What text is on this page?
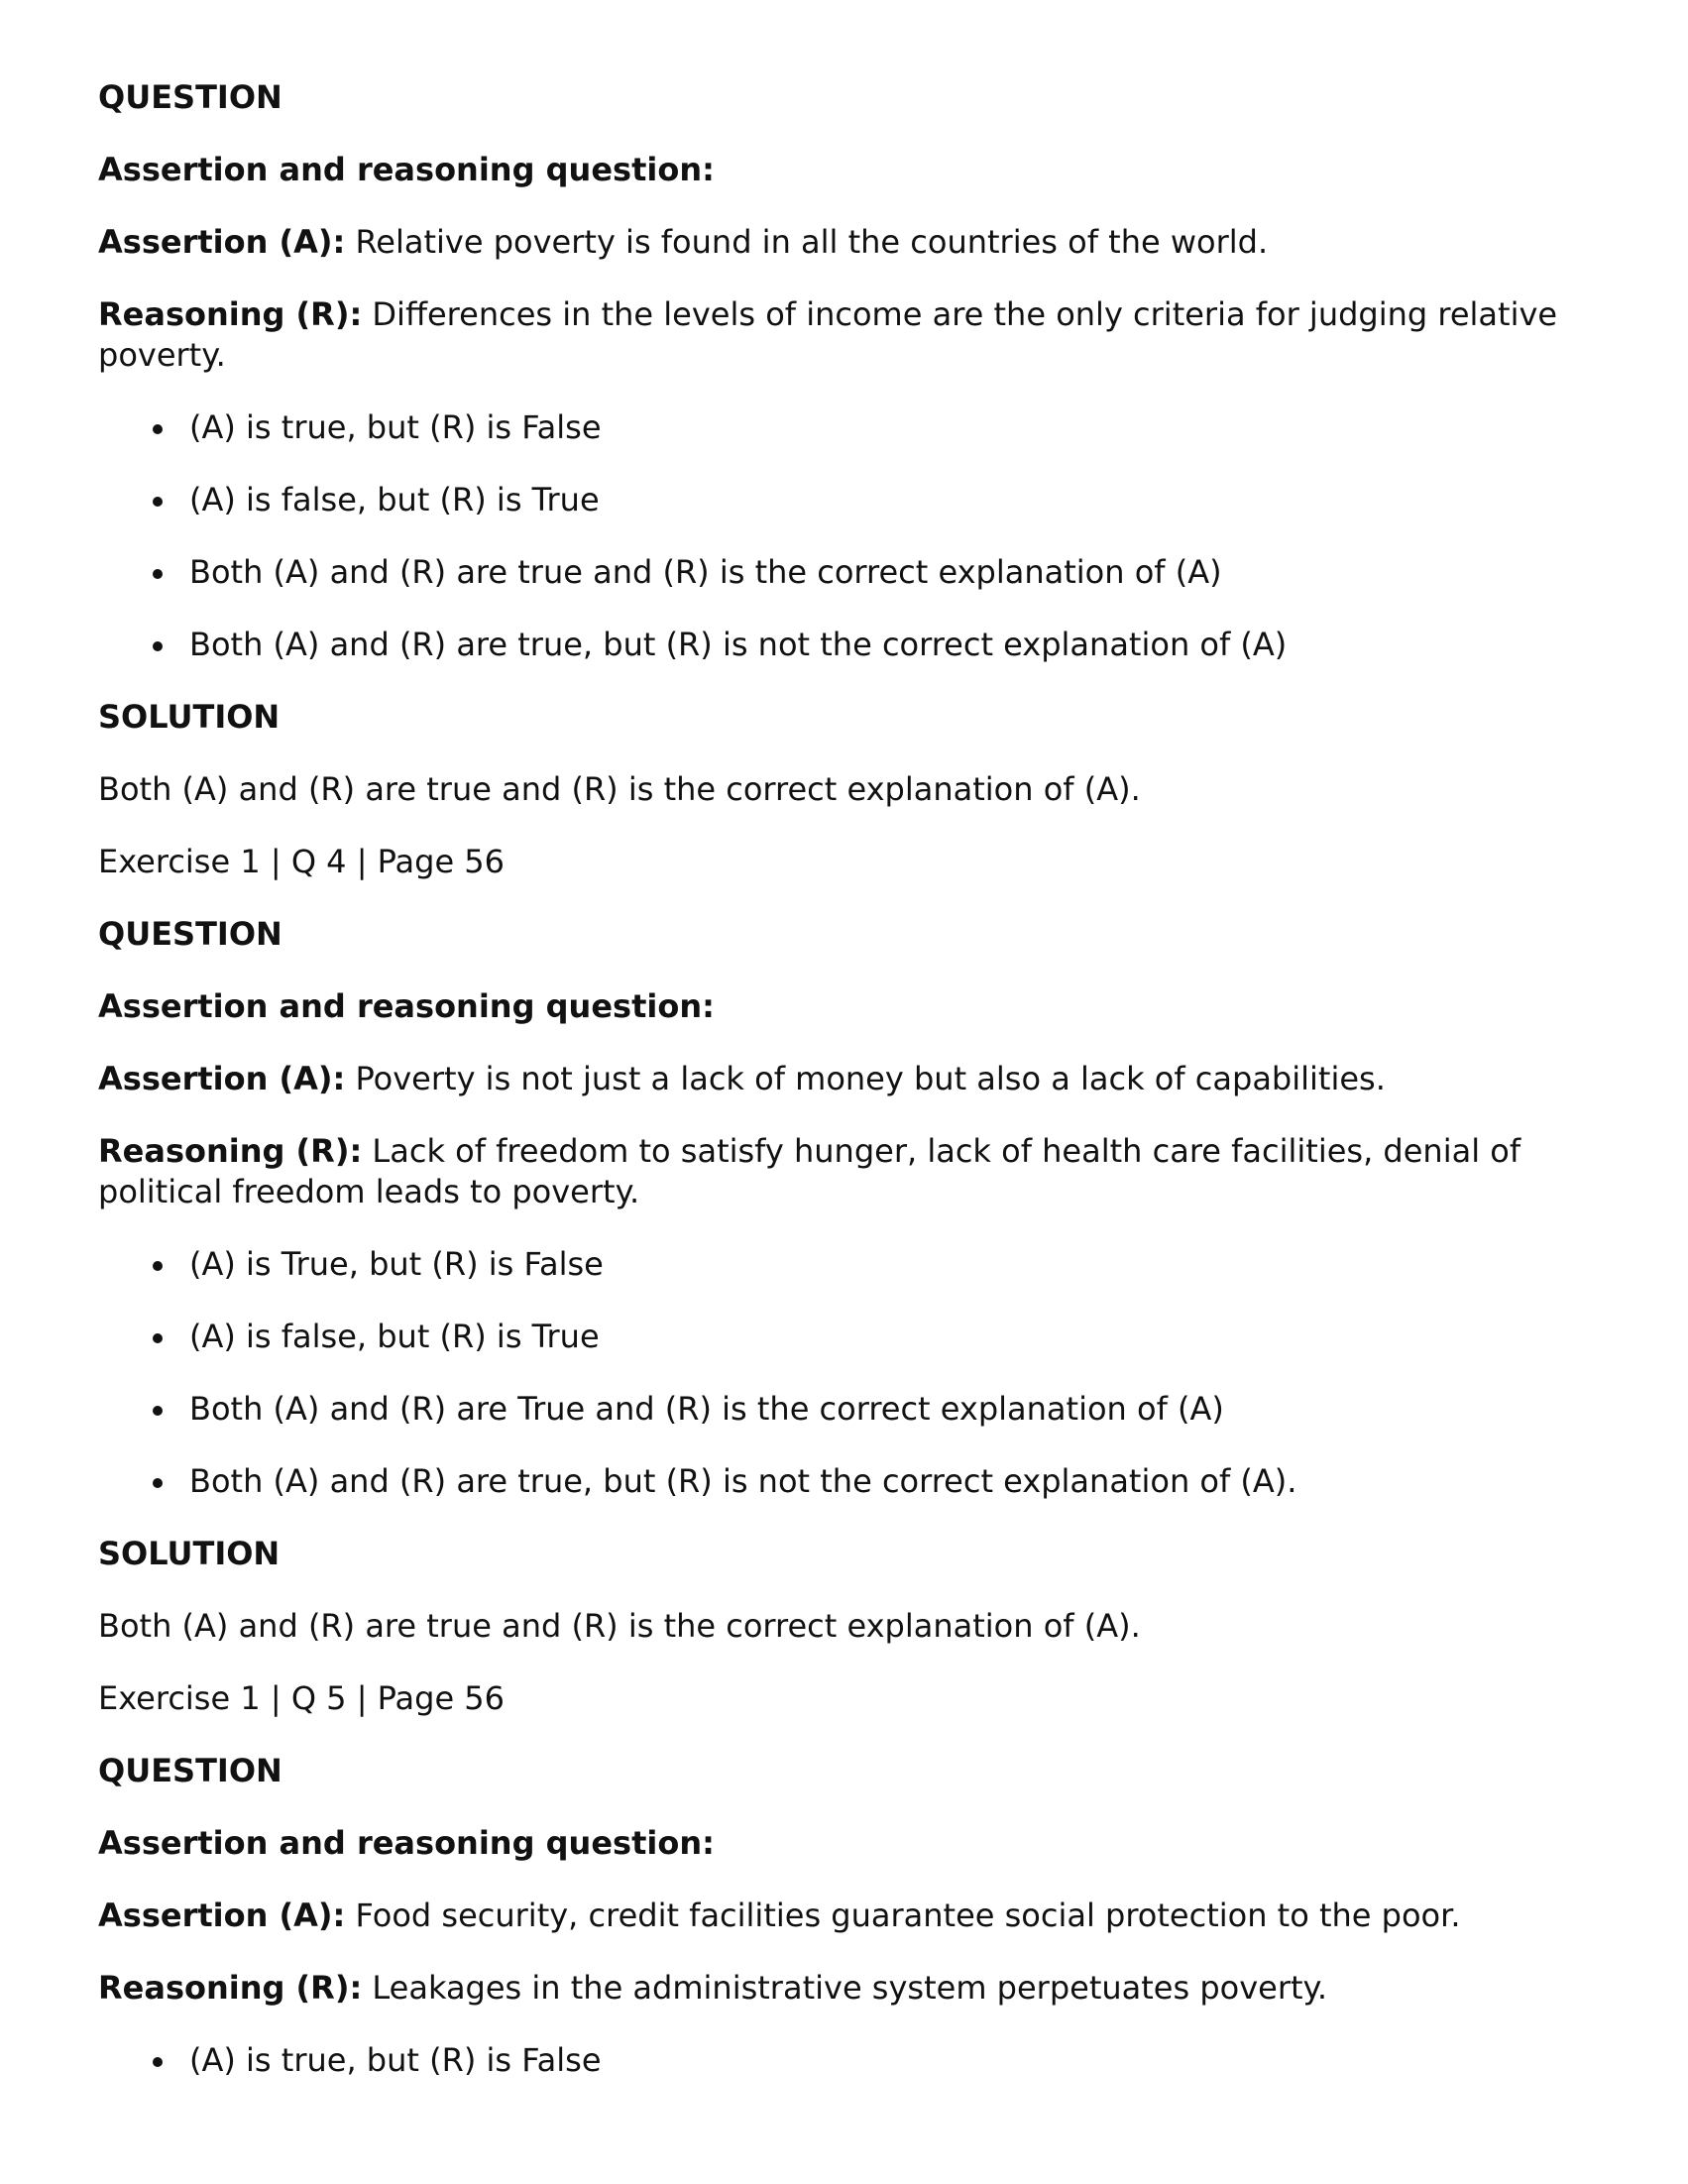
QUESTION
Assertion and reasoning question:
Assertion (A): Relative poverty is found in all the countries of the world.
Reasoning (R): Differences in the levels of income are the only criteria for judging relative poverty.
(A) is true, but (R) is False
(A) is false, but (R) is True
Both (A) and (R) are true and (R) is the correct explanation of (A)
Both (A) and (R) are true, but (R) is not the correct explanation of (A)
SOLUTION
Both (A) and (R) are true and (R) is the correct explanation of (A).
Exercise 1 | Q 4 | Page 56
QUESTION
Assertion and reasoning question:
Assertion (A): Poverty is not just a lack of money but also a lack of capabilities.
Reasoning (R): Lack of freedom to satisfy hunger, lack of health care facilities, denial of political freedom leads to poverty.
(A) is True, but (R) is False
(A) is false, but (R) is True
Both (A) and (R) are True and (R) is the correct explanation of (A)
Both (A) and (R) are true, but (R) is not the correct explanation of (A).
SOLUTION
Both (A) and (R) are true and (R) is the correct explanation of (A).
Exercise 1 | Q 5 | Page 56
QUESTION
Assertion and reasoning question:
Assertion (A): Food security, credit facilities guarantee social protection to the poor.
Reasoning (R): Leakages in the administrative system perpetuates poverty.
(A) is true, but (R) is False
